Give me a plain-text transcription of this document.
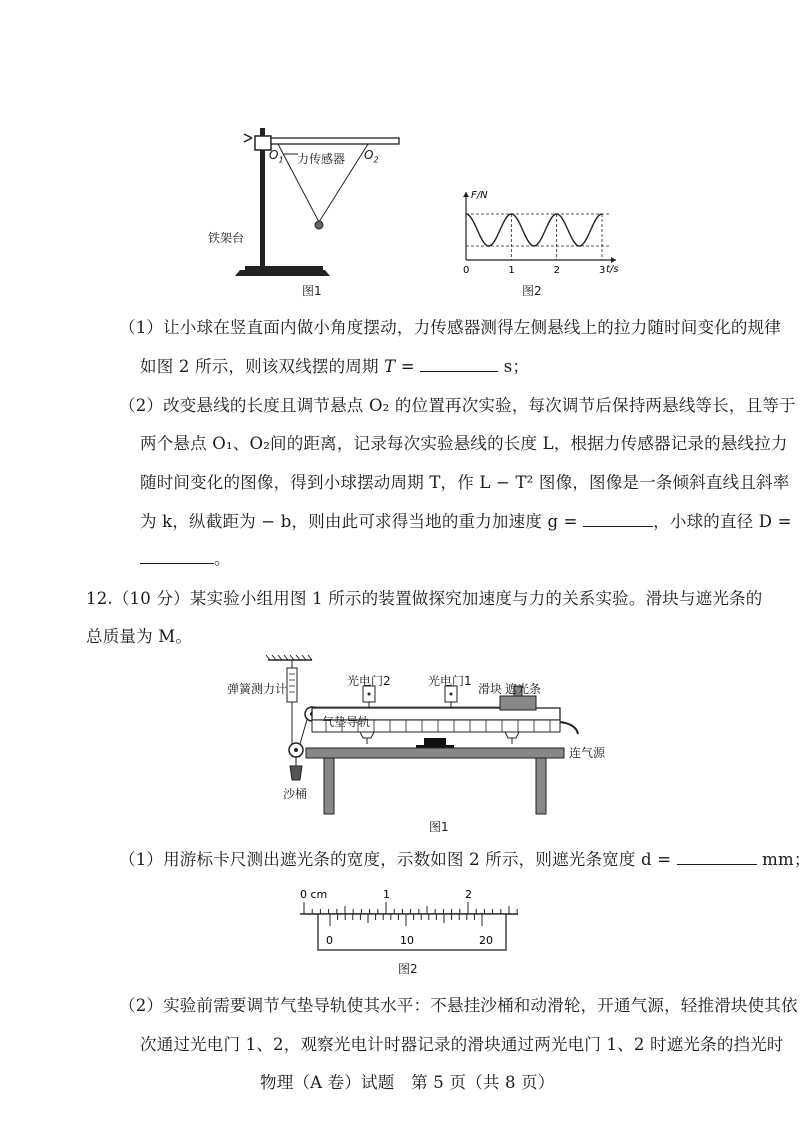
$O_1$ 力传感器 $O_2$
铁架台
图1
0	1	2	3
F/N
t/s
图2
（1）让小球在竖直面内做小角度摆动，力传感器测得左侧悬线上的拉力随时间变化的规律
如图 2 所示，则该双线摆的周期 T =	s；
（2）改变悬线的长度且调节悬点 O₂ 的位置再次实验，每次调节后保持两悬线等长，且等于
两个悬点 O₁、O₂间的距离，记录每次实验悬线的长度 L，根据力传感器记录的悬线拉力
随时间变化的图像，得到小球摆动周期 T，作 L − T² 图像，图像是一条倾斜直线且斜率
为 k，纵截距为 − b，则由此可求得当地的重力加速度 g =	，小球的直径 D =
。
12.（10 分）某实验小组用图 1 所示的装置做探究加速度与力的关系实验。滑块与遮光条的
总质量为 M。
弹簧测力计
光电门2	光电门1
滑块 遮光条
气垫导轨
连气源
沙桶
图1
（1）用游标卡尺测出遮光条的宽度，示数如图 2 所示，则遮光条宽度 d =	mm；
0 cm	1	2
0	10	20
图2
（2）实验前需要调节气垫导轨使其水平：不悬挂沙桶和动滑轮，开通气源，轻推滑块使其依
次通过光电门 1、2，观察光电计时器记录的滑块通过两光电门 1、2 时遮光条的挡光时
物理（A 卷）试题　第 5 页（共 8 页）
